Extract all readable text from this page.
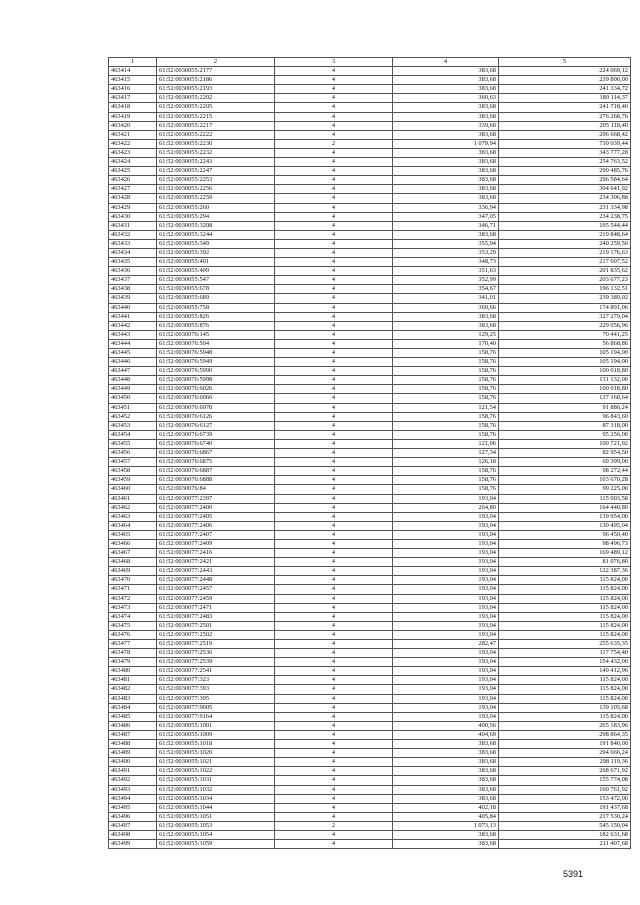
1	2	3	4	5
463414	61:52:0030055:2177	4	383,68	224 069,12
463415	61:52:0030055:2186	4	383,68	239 800,00
463416	61:52:0030055:2193	4	383,68	241 334,72
463417	61:52:0030055:2202	4	360,63	189 114,37
463418	61:52:0030055:2205	4	383,68	241 718,40
463419	61:52:0030055:2215	4	383,68	276 268,76
463420	61:52:0030055:2217	4	339,60	205 118,40
463421	61:52:0030055:2222	4	383,68	206 668,42
463422	61:52:0030055:2230	2	1 079,94	730 039,44
463423	61:52:0030055:2232	4	383,68	343 777,28
463424	61:52:0030055:2243	4	383,68	254 763,52
463425	61:52:0030055:2247	4	383,68	290 485,76
463426	61:52:0030055:2253	4	383,68	296 584,64
463427	61:52:0030055:2256	4	383,68	304 641,92
463428	61:52:0030055:2259	4	383,68	234 306,88
463429	61:52:0030055:260	4	336,94	231 334,98
463430	61:52:0030055:294	4	347,05	234 238,75
463431	61:52:0030055:3208	4	346,71	195 544,44
463432	61:52:0030055:3244	4	383,68	219 848,64
463433	61:52:0030055:349	4	355,94	240 259,50
463434	61:52:0030055:392	4	353,29	219 176,63
463435	61:52:0030055:401	4	348,73	217 607,52
463436	61:52:0030055:499	4	351,63	201 835,62
463437	61:52:0030055:547	4	352,99	203 677,23
463438	61:52:0030055:678	4	354,67	196 132,51
463439	61:52:0030055:689	4	341,01	239 389,02
463440	61:52:0030055:758	4	360,66	174 891,06
463441	61:52:0030055:826	4	383,68	327 279,04
463442	61:52:0030055:876	4	383,68	229 056,96
463443	61:52:0030076:145	4	129,25	70 441,25
463444	61:52:0030076:504	4	170,40	56 868,86
463445	61:52:0030076:5948	4	158,76	105 194,00
463446	61:52:0030076:5949	4	158,76	105 194,00
463447	61:52:0030076:5990	4	158,76	100 018,80
463448	61:52:0030076:5998	4	158,76	131 132,00
463449	61:52:0030076:6026	4	158,76	100 018,80
463450	61:52:0030076:6066	4	158,76	137 168,64
463451	61:52:0030076:6078	4	121,54	91 886,24
463452	61:52:0030076:6126	4	158,76	96 843,60
463453	61:52:0030076:6127	4	158,76	87 318,00
463454	61:52:0030076:6739	4	158,76	95 256,00
463455	61:52:0030076:6740	4	121,06	100 721,92
463456	61:52:0030076:6867	4	127,34	82 954,50
463457	61:52:0030076:6875	4	126,18	69 399,00
463458	61:52:0030076:6887	4	158,76	98 272,44
463459	61:52:0030076:6888	4	158,76	103 670,28
463460	61:52:0030076:84	4	158,76	99 225,00
463461	61:52:0030077:2397	4	193,04	115 003,58
463462	61:52:0030077:2400	4	264,80	164 440,80
463463	61:52:0030077:2405	4	193,04	139 954,00
463464	61:52:0030077:2406	4	193,04	130 495,04
463465	61:52:0030077:2407	4	193,04	96 450,40
463466	61:52:0030077:2409	4	193,04	98 496,73
463467	61:52:0030077:2416	4	193,04	169 489,12
463468	61:52:0030077:2421	4	193,04	81 076,80
463469	61:52:0030077:2443	4	193,04	122 387,36
463470	61:52:0030077:2448	4	193,04	115 824,00
463471	61:52:0030077:2457	4	193,04	115 824,00
463472	61:52:0030077:2459	4	193,04	115 824,00
463473	61:52:0030077:2471	4	193,04	115 824,00
463474	61:52:0030077:2483	4	193,04	115 824,00
463475	61:52:0030077:2501	4	193,04	115 824,00
463476	61:52:0030077:2502	4	193,04	115 824,00
463477	61:52:0030077:2519	4	282,47	255 635,35
463478	61:52:0030077:2536	4	193,04	117 754,40
463479	61:52:0030077:2539	4	193,04	154 432,00
463480	61:52:0030077:2541	4	193,04	149 412,96
463481	61:52:0030077:323	4	193,04	115 824,00
463482	61:52:0030077:393	4	193,04	115 824,00
463483	61:52:0030077:395	4	193,04	115 824,00
463484	61:52:0030077:9005	4	193,04	139 105,68
463485	61:52:0030077:9164	4	193,04	115 824,00
463486	61:52:0030055:1001	4	400,56	265 183,96
463487	61:52:0030055:1009	4	404,69	298 864,35
463488	61:52:0030055:1018	4	383,68	191 840,00
463489	61:52:0030055:1020	4	383,68	294 666,24
463490	61:52:0030055:1021	4	383,68	298 119,36
463491	61:52:0030055:1022	4	383,68	268 671,92
463492	61:52:0030055:1031	4	383,68	155 774,08
463493	61:52:0030055:1032	4	383,68	160 761,92
463494	61:52:0030055:1034	4	383,68	153 472,00
463495	61:52:0030055:1044	4	402,18	191 437,68
463496	61:52:0030055:1051	4	405,84	217 530,24
463497	61:52:0030055:1053	2	1 073,13	545 150,04
463498	61:52:0030055:1054	4	383,68	182 631,68
463499	61:52:0030055:1059	4	383,68	211 407,68
5391
